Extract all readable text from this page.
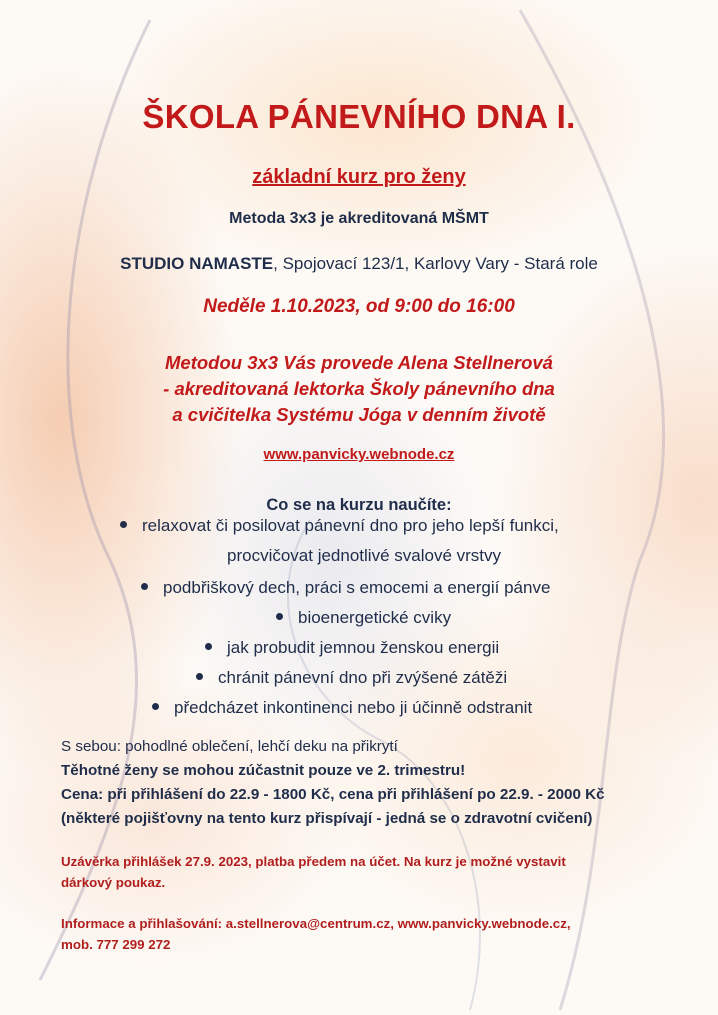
ŠKOLA PÁNEVNÍHO DNA I.

základní kurz pro ženy

Metoda 3x3 je akreditovaná MŠMT

STUDIO NAMASTE, Spojovací 123/1, Karlovy Vary - Stará role

Neděle 1.10.2023, od 9:00 do 16:00

Metodou 3x3 Vás provede Alena Stellnerová
- akreditovaná lektorka Školy pánevního dna
a cvičitelka Systému Jóga v denním životě

www.panvicky.webnode.cz

Co se na kurzu naučíte:

relaxovat či posilovat pánevní dno pro jeho lepší funkci,
procvičovat jednotlivé svalové vrstvy
podbřiškový dech, práci s emocemi a energií pánve
bioenergetické cviky
jak probudit jemnou ženskou energii
chránit pánevní dno při zvýšené zátěži
předcházet inkontinenci nebo ji účinně odstranit

S sebou: pohodlné oblečení, lehčí deku na přikrytí

Těhotné ženy se mohou zúčastnit pouze ve 2. trimestru!

Cena: při přihlášení do 22.9 - 1800 Kč, cena při přihlášení po 22.9. - 2000 Kč

(některé pojišťovny na tento kurz přispívají - jedná se o zdravotní cvičení)

Uzávěrka přihlášek 27.9. 2023, platba předem na účet. Na kurz je možné vystavit

dárkový poukaz.

Informace a přihlašování: a.stellnerova@centrum.cz, www.panvicky.webnode.cz,

mob. 777 299 272
